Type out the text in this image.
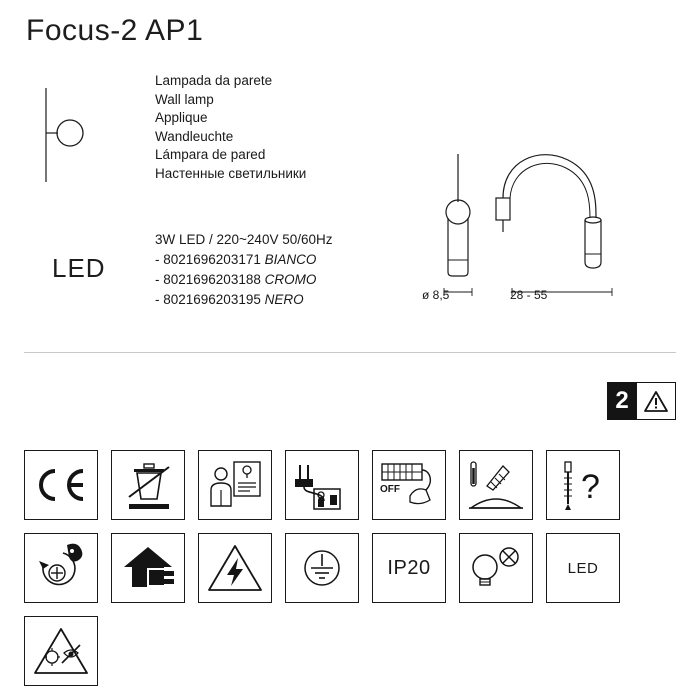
Focus-2 AP1
Lampada da parete
Wall lamp
Applique
Wandleuchte
Lámpara de pared
Настенные светильники
LED
3W LED / 220~240V 50/60Hz
- 8021696203171 BIANCO
- 8021696203188 CROMO
- 8021696203195 NERO	ø 8,5	28 - 55
2
OFF	?
IP20	LED
